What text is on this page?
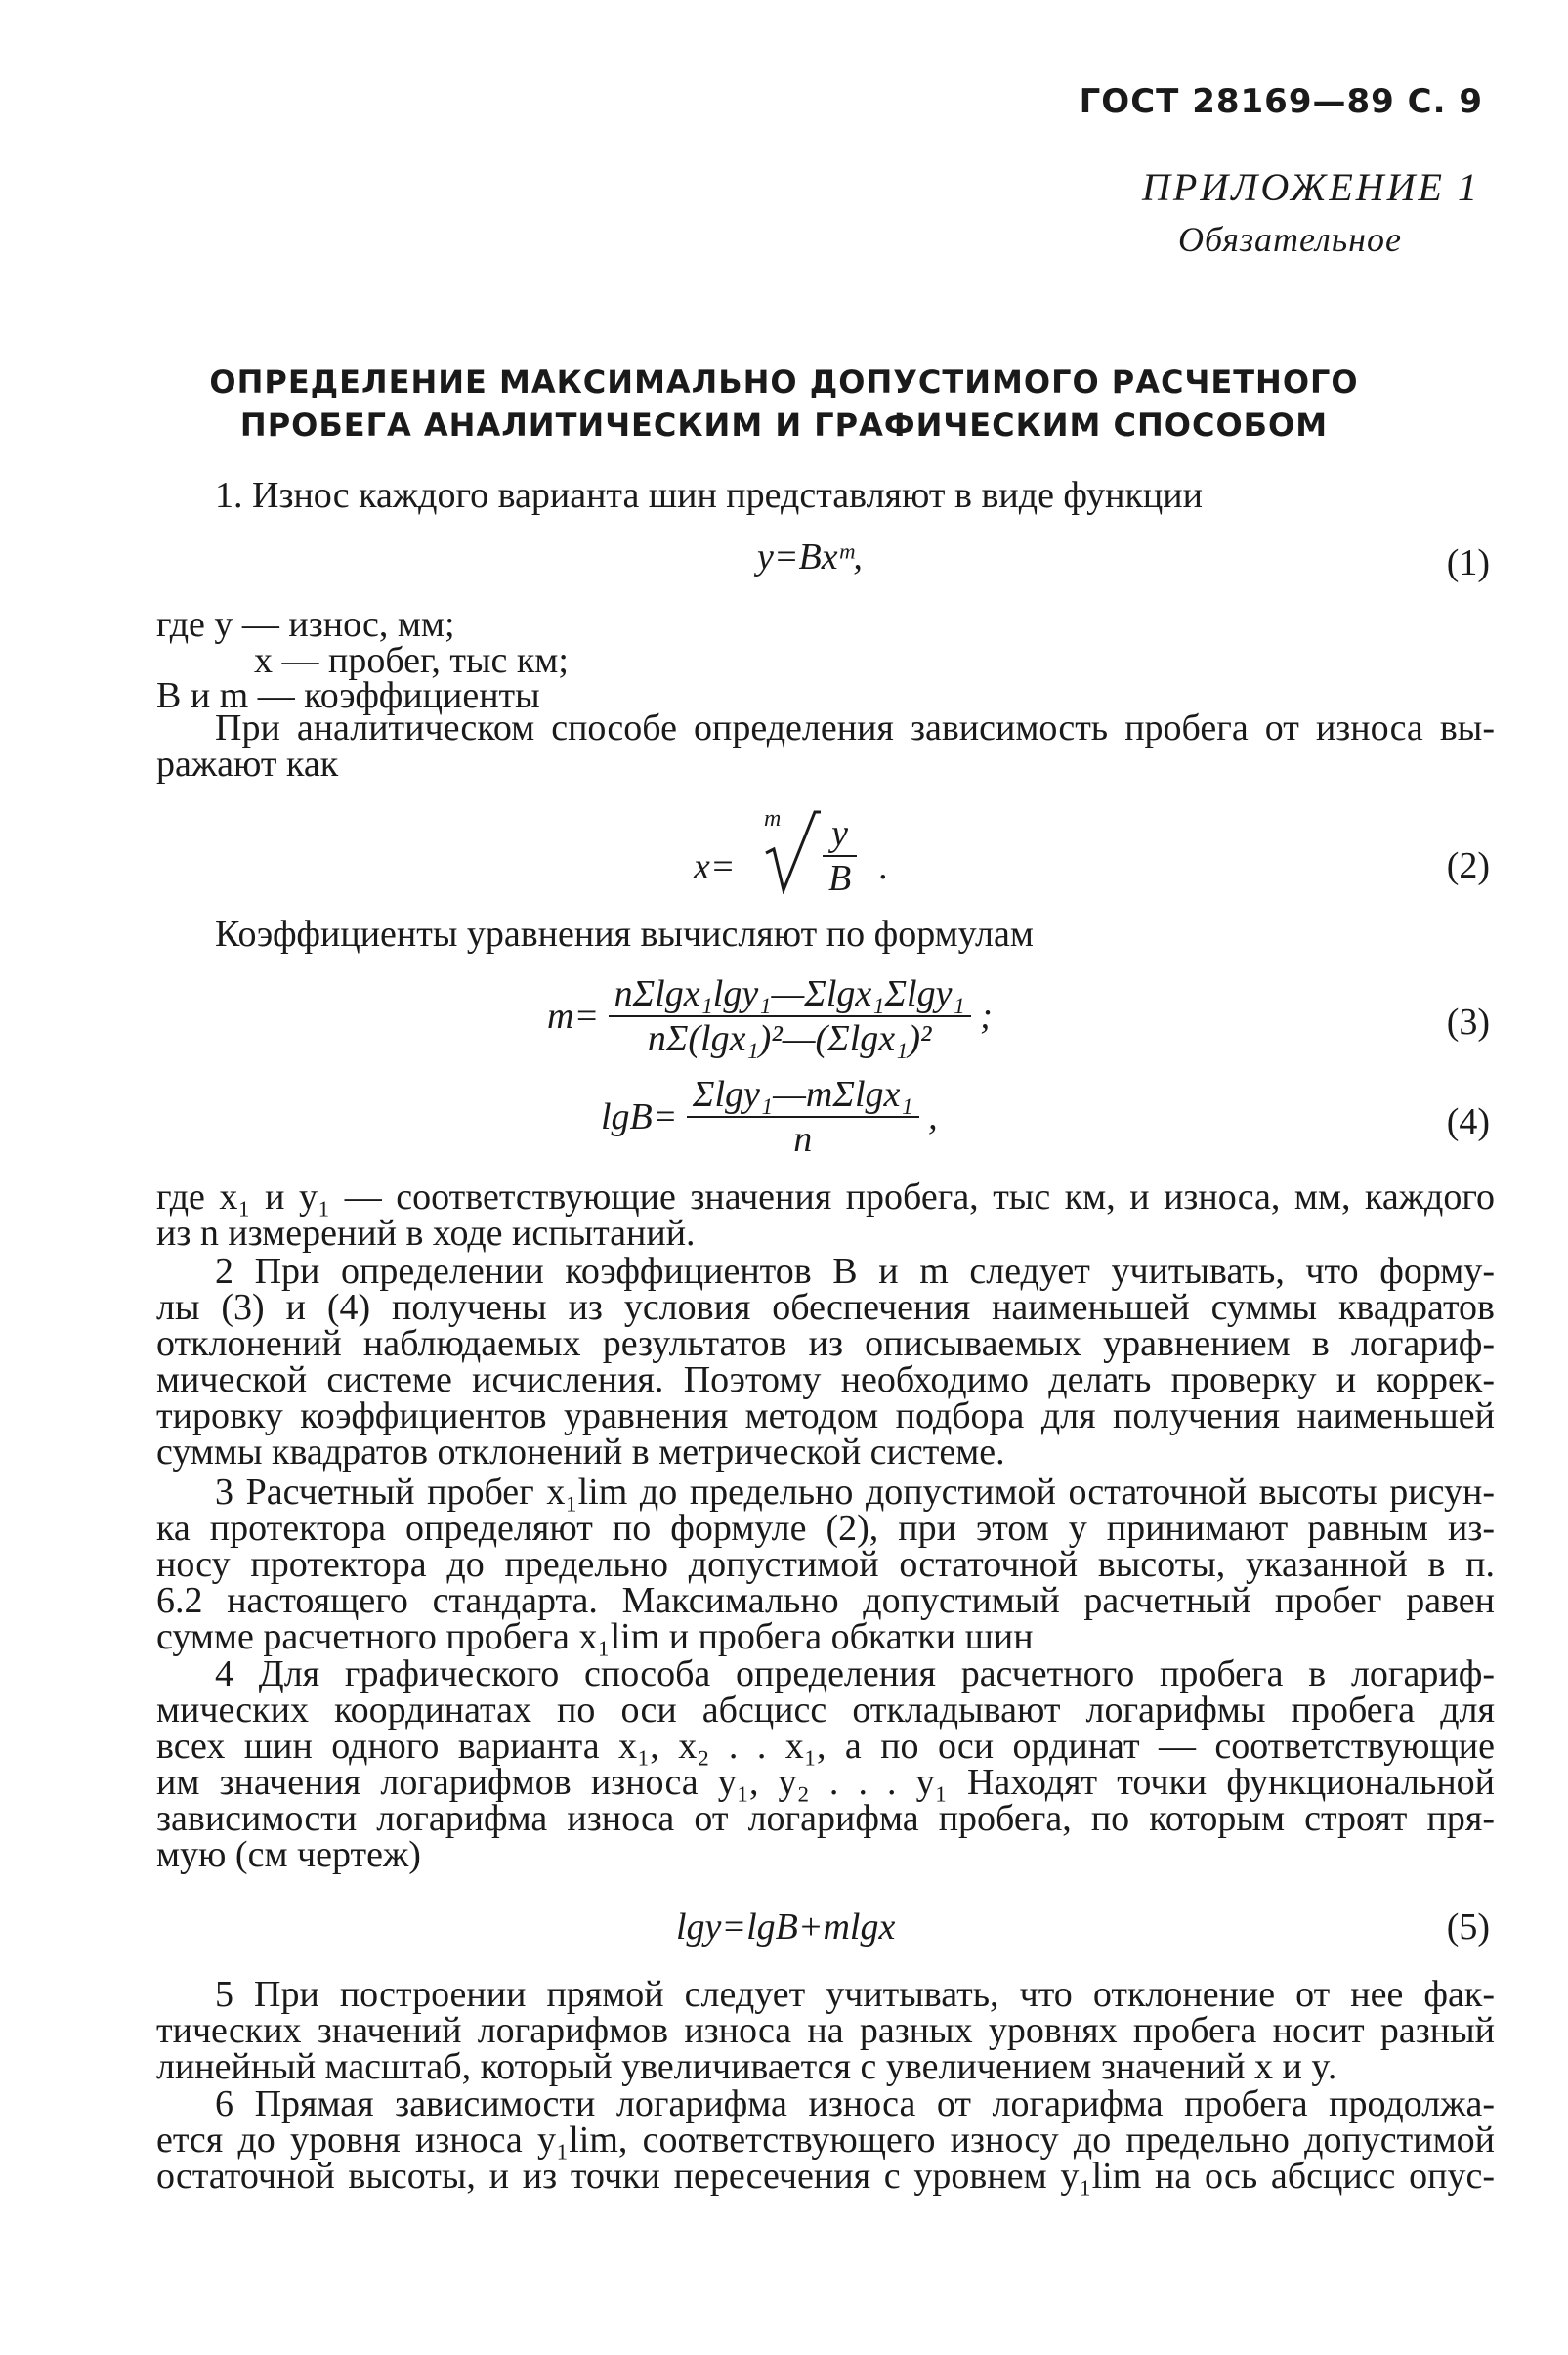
ГОСТ 28169—89 С. 9
ПРИЛОЖЕНИЕ 1
Обязательное
ОПРЕДЕЛЕНИЕ МАКСИМАЛЬНО ДОПУСТИМОГО РАСЧЕТНОГО
ПРОБЕГА АНАЛИТИЧЕСКИМ И ГРАФИЧЕСКИМ СПОСОБОМ
1. Износ каждого варианта шин представляют в виде функции
y=Bxᵐ,	(1)
где y — износ, мм;
x — пробег, тыс км;
B и m — коэффициенты
При аналитическом способе определения зависимость пробега от износа вы-
ражают как
x=
m $\frac{y}{B}$ .	(2)
Коэффициенты уравнения вычисляют по формулам
$m= \frac{\text{nΣlgx₁lgy₁—Σlgx₁Σlgy₁}}{\text{nΣ(lgx₁)²—(Σlgx₁)²}}$ ;	(3)
$\lg B= \frac{\text{Σlgy₁—mΣlgx₁}}{n}$ ,	(4)
где x₁ и y₁ — соответствующие значения пробега, тыс км, и износа, мм, каждого
из n измерений в ходе испытаний.
2 При определении коэффициентов B и m следует учитывать, что форму-
лы (3) и (4) получены из условия обеспечения наименьшей суммы квадратов
отклонений наблюдаемых результатов из описываемых уравнением в логариф-
мической системе исчисления. Поэтому необходимо делать проверку и коррек-
тировку коэффициентов уравнения методом подбора для получения наименьшей
суммы квадратов отклонений в метрической системе.
3 Расчетный пробег x₁lim до предельно допустимой остаточной высоты рисун-
ка протектора определяют по формуле (2), при этом y принимают равным из-
носу протектора до предельно допустимой остаточной высоты, указанной в п.
6.2 настоящего стандарта. Максимально допустимый расчетный пробег равен
сумме расчетного пробега x₁lim и пробега обкатки шин
4 Для графического способа определения расчетного пробега в логариф-
мических координатах по оси абсцисс откладывают логарифмы пробега для
всех шин одного варианта x₁, x₂ . . x₁, а по оси ординат — соответствующие
им значения логарифмов износа y₁, y₂ . . . y₁ Находят точки функциональной
зависимости логарифма износа от логарифма пробега, по которым строят пря-
мую (см чертеж)
lgy=lgB+mlgx	(5)
5 При построении прямой следует учитывать, что отклонение от нее фак-
тических значений логарифмов износа на разных уровнях пробега носит разный
линейный масштаб, который увеличивается с увеличением значений x и y.
6 Прямая зависимости логарифма износа от логарифма пробега продолжа-
ется до уровня износа y₁lim, соответствующего износу до предельно допустимой
остаточной высоты, и из точки пересечения с уровнем y₁lim на ось абсцисс опус-
